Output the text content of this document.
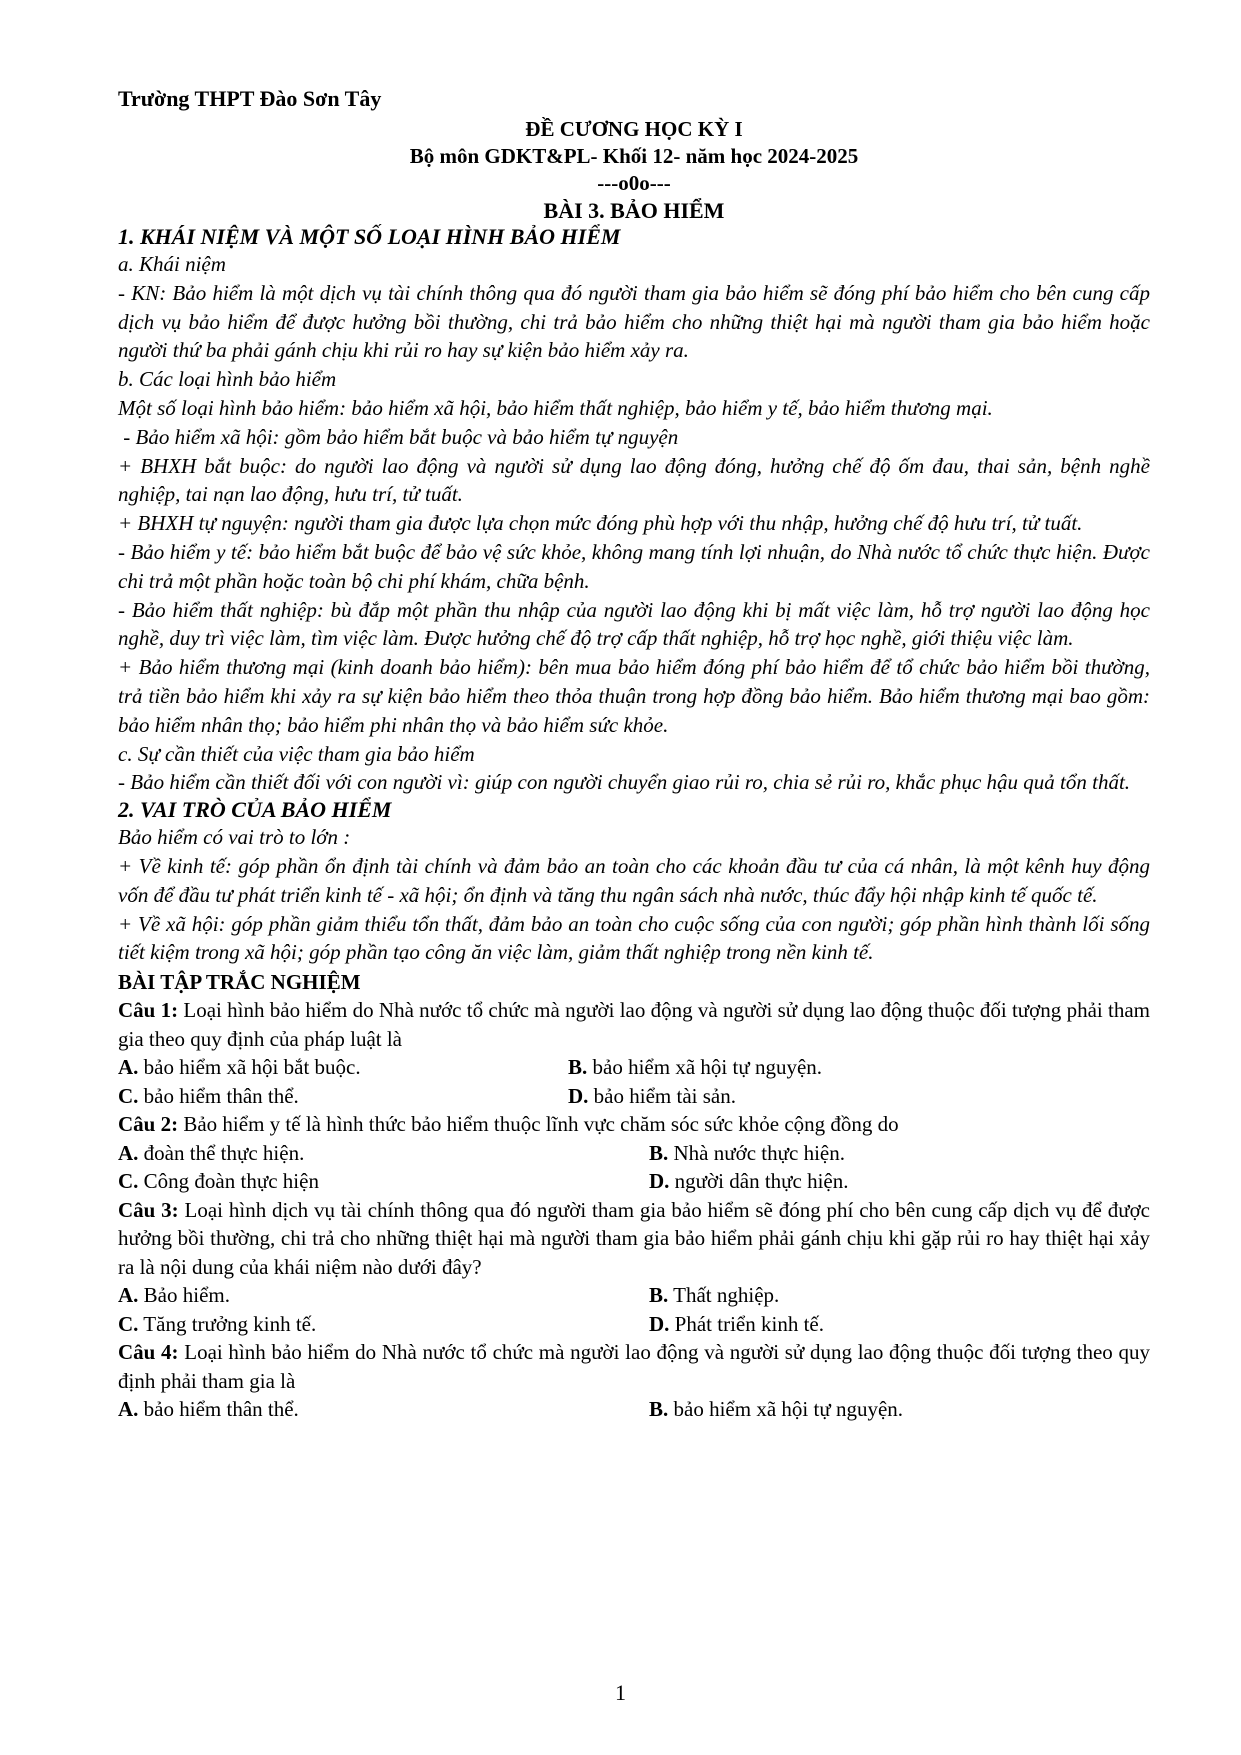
Trường THPT Đào Sơn Tây
ĐỀ CƯƠNG HỌC KỲ I
Bộ môn GDKT&PL- Khối 12- năm học 2024-2025
---o0o---
BÀI 3. BẢO HIỂM
1. KHÁI NIỆM VÀ MỘT SỐ LOẠI HÌNH BẢO HIỂM

a. Khái niệm

- KN: Bảo hiểm là một dịch vụ tài chính thông qua đó người tham gia bảo hiểm sẽ đóng phí bảo hiểm cho bên cung cấp dịch vụ bảo hiểm để được hưởng bồi thường, chi trả bảo hiểm cho những thiệt hại mà người tham gia bảo hiểm hoặc người thứ ba phải gánh chịu khi rủi ro hay sự kiện bảo hiểm xảy ra.

b. Các loại hình bảo hiểm

Một số loại hình bảo hiểm: bảo hiểm xã hội, bảo hiểm thất nghiệp, bảo hiểm y tế, bảo hiểm thương mại.

- Bảo hiểm xã hội: gồm bảo hiểm bắt buộc và bảo hiểm tự nguyện

+ BHXH bắt buộc: do người lao động và người sử dụng lao động đóng, hưởng chế độ ốm đau, thai sản, bệnh nghề nghiệp, tai nạn lao động, hưu trí, tử tuất.

+ BHXH tự nguyện: người tham gia được lựa chọn mức đóng phù hợp với thu nhập, hưởng chế độ hưu trí, tử tuất.

- Bảo hiểm y tế: bảo hiểm bắt buộc để bảo vệ sức khỏe, không mang tính lợi nhuận, do Nhà nước tổ chức thực hiện. Được chi trả một phần hoặc toàn bộ chi phí khám, chữa bệnh.

- Bảo hiểm thất nghiệp: bù đắp một phần thu nhập của người lao động khi bị mất việc làm, hỗ trợ người lao động học nghề, duy trì việc làm, tìm việc làm. Được hưởng chế độ trợ cấp thất nghiệp, hỗ trợ học nghề, giới thiệu việc làm.

+ Bảo hiểm thương mại (kinh doanh bảo hiểm): bên mua bảo hiểm đóng phí bảo hiểm để tổ chức bảo hiểm bồi thường, trả tiền bảo hiểm khi xảy ra sự kiện bảo hiểm theo thỏa thuận trong hợp đồng bảo hiểm. Bảo hiểm thương mại bao gồm: bảo hiểm nhân thọ; bảo hiểm phi nhân thọ và bảo hiểm sức khỏe.

c. Sự cần thiết của việc tham gia bảo hiểm

- Bảo hiểm cần thiết đối với con người vì: giúp con người chuyển giao rủi ro, chia sẻ rủi ro, khắc phục hậu quả tổn thất.

2. VAI TRÒ CỦA BẢO HIỂM

Bảo hiểm có vai trò to lớn :

+ Về kinh tế: góp phần ổn định tài chính và đảm bảo an toàn cho các khoản đầu tư của cá nhân, là một kênh huy động vốn để đầu tư phát triển kinh tế - xã hội; ổn định và tăng thu ngân sách nhà nước, thúc đẩy hội nhập kinh tế quốc tế.

+ Về xã hội: góp phần giảm thiểu tổn thất, đảm bảo an toàn cho cuộc sống của con người; góp phần hình thành lối sống tiết kiệm trong xã hội; góp phần tạo công ăn việc làm, giảm thất nghiệp trong nền kinh tế.

BÀI TẬP TRẮC NGHIỆM

Câu 1: Loại hình bảo hiểm do Nhà nước tổ chức mà người lao động và người sử dụng lao động thuộc đối tượng phải tham gia theo quy định của pháp luật là

A. bảo hiểm xã hội bắt buộc.	B. bảo hiểm xã hội tự nguyện.
C. bảo hiểm thân thể.	D. bảo hiểm tài sản.

Câu 2: Bảo hiểm y tế là hình thức bảo hiểm thuộc lĩnh vực chăm sóc sức khỏe cộng đồng do

A. đoàn thể thực hiện.	B. Nhà nước thực hiện.
C. Công đoàn thực hiện	D. người dân thực hiện.

Câu 3: Loại hình dịch vụ tài chính thông qua đó người tham gia bảo hiểm sẽ đóng phí cho bên cung cấp dịch vụ để được hưởng bồi thường, chi trả cho những thiệt hại mà người tham gia bảo hiểm phải gánh chịu khi gặp rủi ro hay thiệt hại xảy ra là nội dung của khái niệm nào dưới đây?

A. Bảo hiểm.	B. Thất nghiệp.
C. Tăng trưởng kinh tế.	D. Phát triển kinh tế.

Câu 4: Loại hình bảo hiểm do Nhà nước tổ chức mà người lao động và người sử dụng lao động thuộc đối tượng theo quy định phải tham gia là

A. bảo hiểm thân thể.	B. bảo hiểm xã hội tự nguyện.
1
